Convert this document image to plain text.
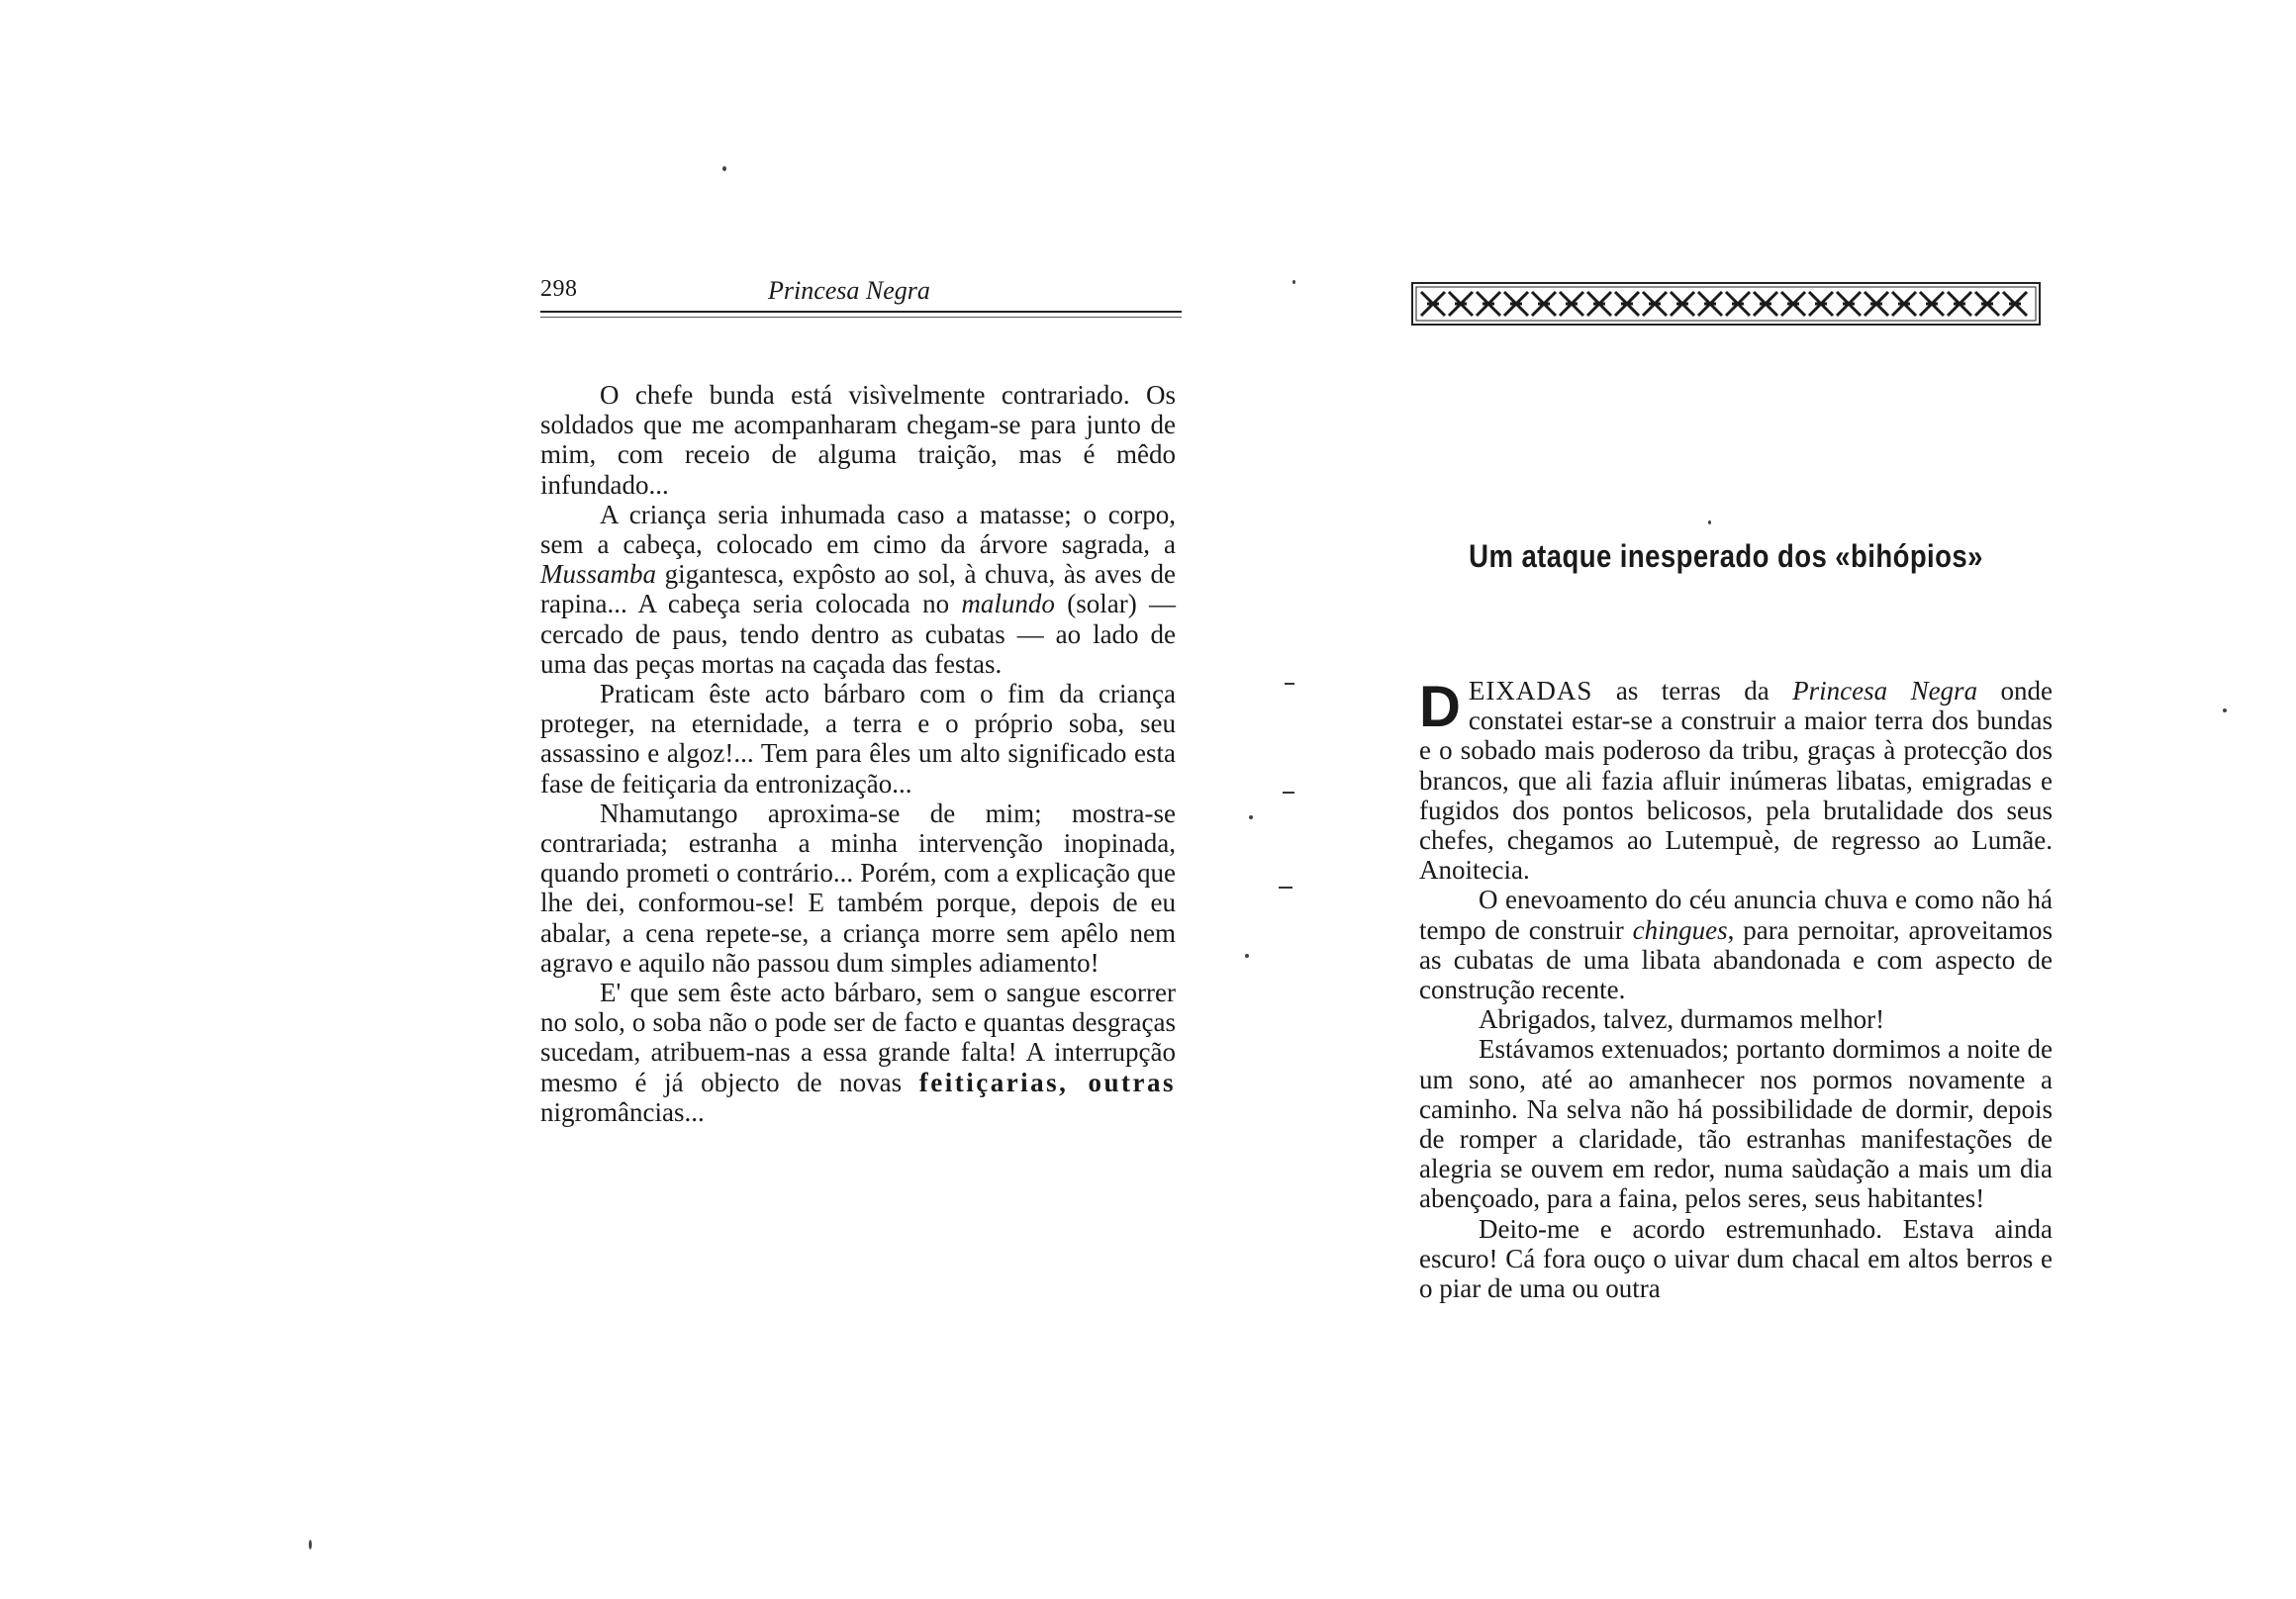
298	Princesa Negra

O chefe bunda está visìvelmente contrariado. Os soldados que me acompanharam chegam-se para junto de mim, com receio de alguma traição, mas é mêdo infundado...

A criança seria inhumada caso a matasse; o corpo, sem a cabeça, colocado em cimo da árvore sagrada, a Mussamba gigantesca, expôsto ao sol, à chuva, às aves de rapina... A cabeça seria colocada no malundo (solar) — cercado de paus, tendo dentro as cubatas — ao lado de uma das peças mortas na caçada das festas.

Praticam êste acto bárbaro com o fim da criança proteger, na eternidade, a terra e o próprio soba, seu assassino e algoz!... Tem para êles um alto significado esta fase de feitiçaria da entronização...

Nhamutango aproxima-se de mim; mostra-se contrariada; estranha a minha intervenção inopinada, quando prometi o contrário... Porém, com a explicação que lhe dei, conformou-se! E também porque, depois de eu abalar, a cena repete-se, a criança morre sem apêlo nem agravo e aquilo não passou dum simples adiamento!

E' que sem êste acto bárbaro, sem o sangue escorrer no solo, o soba não o pode ser de facto e quantas desgraças sucedam, atribuem-nas a essa grande falta! A interrupção mesmo é já objecto de novas feitiçarias, outras nigromâncias...

Um ataque inesperado dos «bihópios»

DEIXADAS as terras da Princesa Negra onde constatei estar-se a construir a maior terra dos bundas e o sobado mais poderoso da tribu, graças à protecção dos brancos, que ali fazia afluir inúmeras libatas, emigradas e fugidos dos pontos belicosos, pela brutalidade dos seus chefes, chegamos ao Lutempuè, de regresso ao Lumãe. Anoitecia.

O enevoamento do céu anuncia chuva e como não há tempo de construir chingues, para pernoitar, aproveitamos as cubatas de uma libata abandonada e com aspecto de construção recente.

Abrigados, talvez, durmamos melhor!

Estávamos extenuados; portanto dormimos a noite de um sono, até ao amanhecer nos pormos novamente a caminho. Na selva não há possibilidade de dormir, depois de romper a claridade, tão estranhas manifestações de alegria se ouvem em redor, numa saùdação a mais um dia abençoado, para a faina, pelos seres, seus habitantes!

Deito-me e acordo estremunhado. Estava ainda escuro! Cá fora ouço o uivar dum chacal em altos berros e o piar de uma ou outra
